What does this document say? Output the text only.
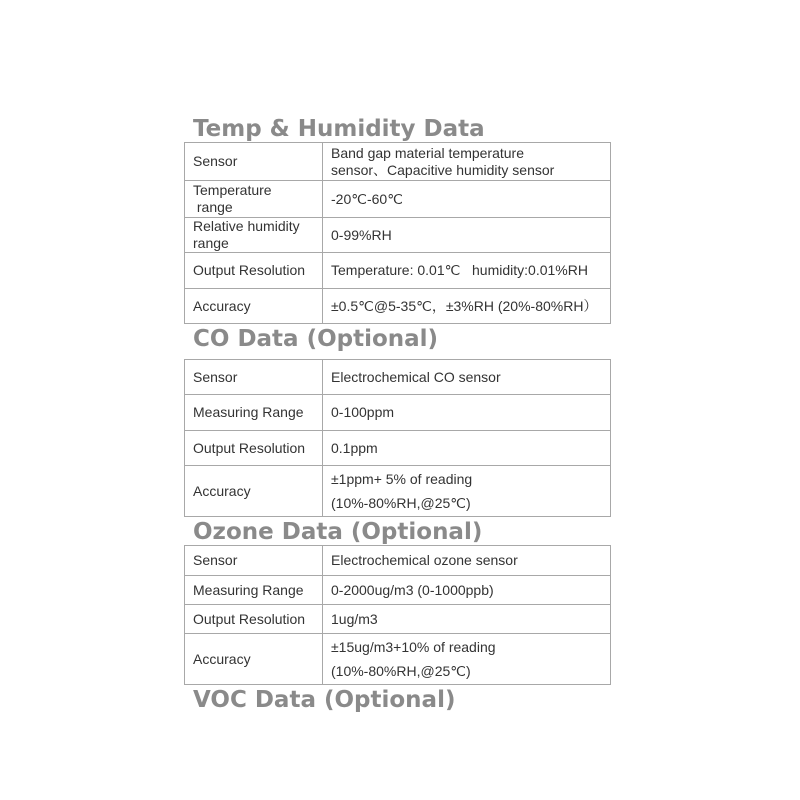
Temp & Humidity Data
Sensor	Band gap material temperature
sensor、Capacitive humidity sensor

Temperature
range	-20℃-60℃

Relative humidity
range	0-99%RH

Output Resolution	Temperature: 0.01℃   humidity:0.01%RH

Accuracy	±0.5℃@5-35℃，±3%RH (20%-80%RH）
CO Data (Optional)
Sensor	Electrochemical CO sensor

Measuring Range	0-100ppm

Output Resolution	0.1ppm

Accuracy	±1ppm+ 5% of reading
(10%-80%RH,@25℃)
Ozone Data (Optional)
Sensor	Electrochemical ozone sensor

Measuring Range	0-2000ug/m3 (0-1000ppb)

Output Resolution	1ug/m3

Accuracy	±15ug/m3+10% of reading
(10%-80%RH,@25℃)
VOC Data (Optional)
